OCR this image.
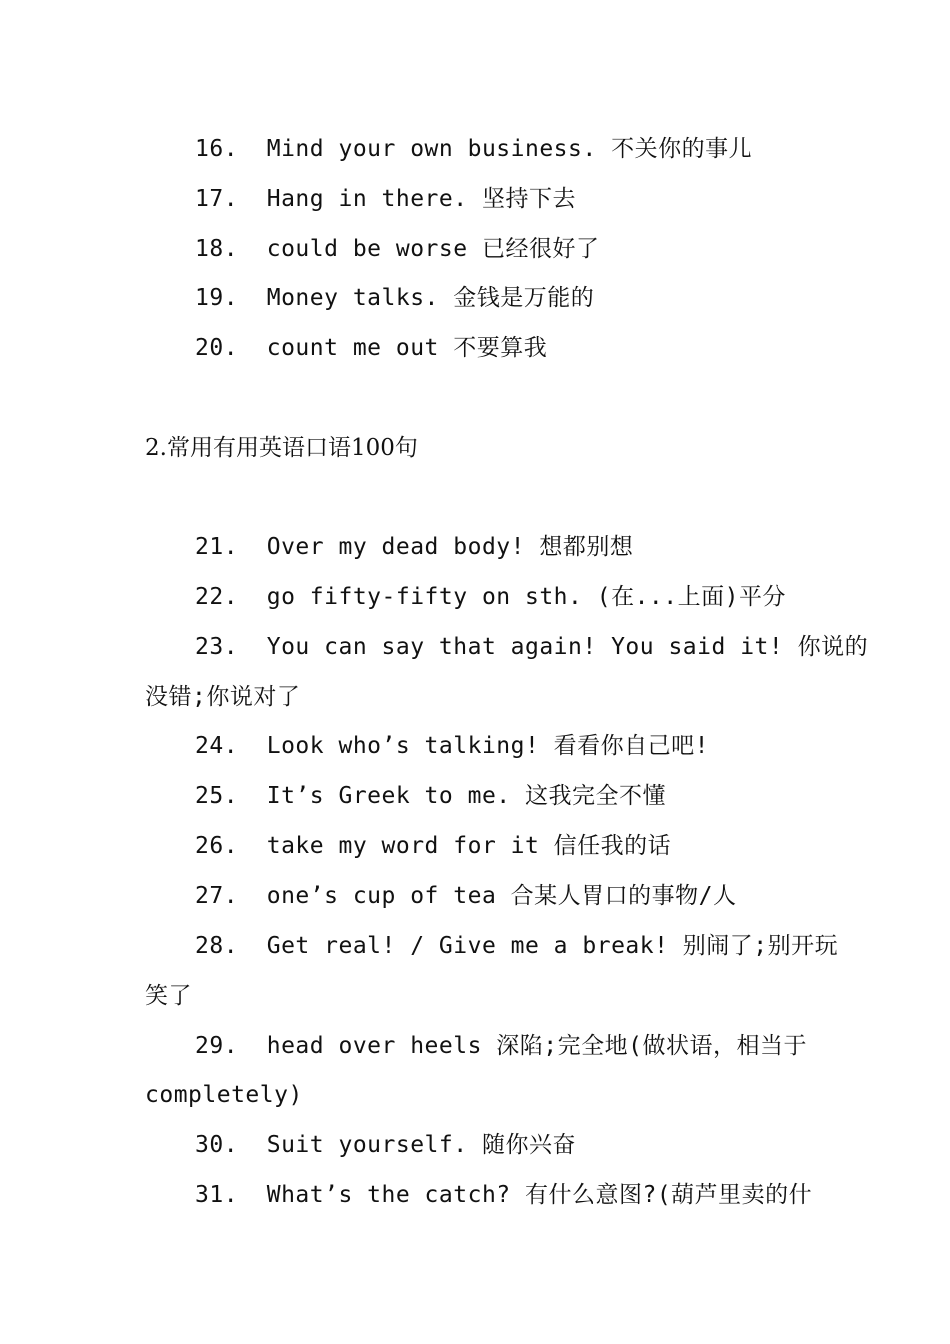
16.  Mind your own business. 不关你的事儿
17.  Hang in there. 坚持下去
18.  could be worse 已经很好了
19.  Money talks. 金钱是万能的
20.  count me out 不要算我
2.常用有用英语口语100句
21.  Over my dead body! 想都别想
22.  go fifty-fifty on sth. (在...上面)平分
23.  You can say that again! You said it! 你说的
没错;你说对了
24.  Look who’s talking! 看看你自己吧!
25.  It’s Greek to me. 这我完全不懂
26.  take my word for it 信任我的话
27.  one’s cup of tea 合某人胃口的事物/人
28.  Get real! / Give me a break! 别闹了;别开玩
笑了
29.  head over heels 深陷;完全地(做状语，相当于
completely)
30.  Suit yourself. 随你兴奋
31.  What’s the catch? 有什么意图?(葫芦里卖的什
